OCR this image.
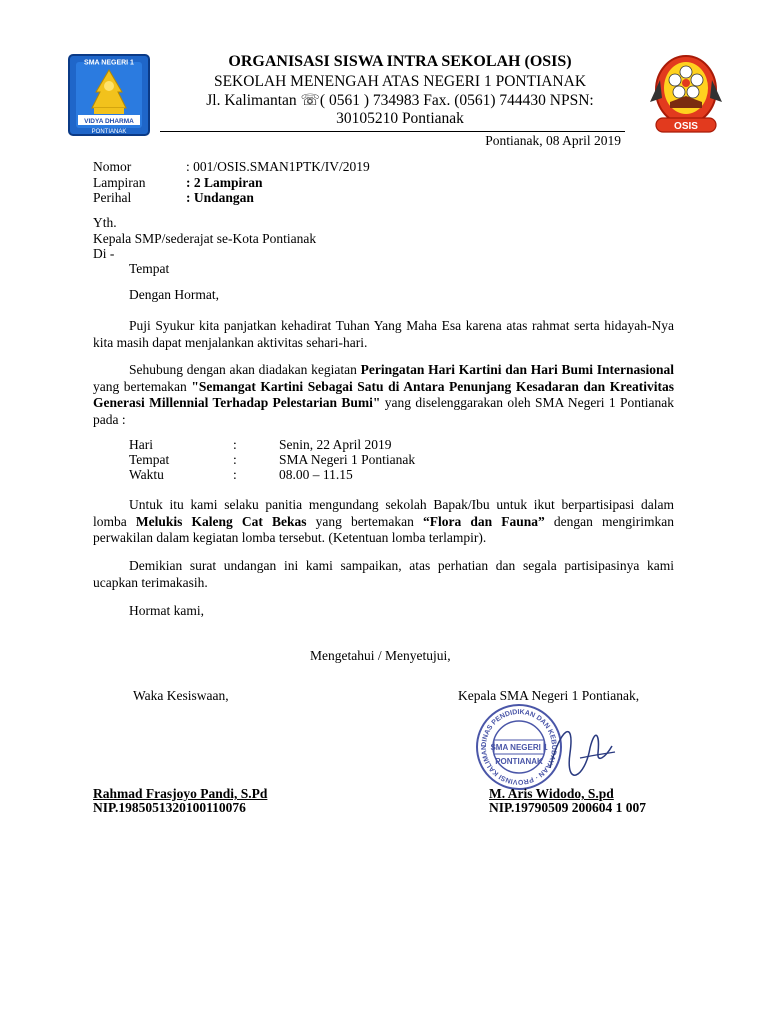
SMA NEGERI 1
VIDYA DHARMA
PONTIANAK	OSIS
ORGANISASI SISWA INTRA SEKOLAH (OSIS)
SEKOLAH MENENGAH ATAS NEGERI 1 PONTIANAK
Jl. Kalimantan ☏( 0561 ) 734983 Fax. (0561) 744430 NPSN:
30105210 Pontianak
Pontianak, 08 April 2019
Nomor	: 001/OSIS.SMAN1PTK/IV/2019
Lampiran	: 2 Lampiran
Perihal	: Undangan
Yth.
Kepala SMP/sederajat se-Kota Pontianak
Di -
Tempat
Dengan Hormat,
Puji Syukur kita panjatkan kehadirat Tuhan Yang Maha Esa karena atas rahmat serta hidayah-Nya kita masih dapat menjalankan aktivitas sehari-hari.
Sehubung dengan akan diadakan kegiatan Peringatan Hari Kartini dan Hari Bumi Internasional yang bertemakan "Semangat Kartini Sebagai Satu di Antara Penunjang Kesadaran dan Kreativitas Generasi Millennial Terhadap Pelestarian Bumi" yang diselenggarakan oleh SMA Negeri 1 Pontianak pada :
Hari	:	Senin, 22 April 2019
Tempat	:	SMA Negeri 1 Pontianak
Waktu	:	08.00 – 11.15
Untuk itu kami selaku panitia mengundang sekolah Bapak/Ibu untuk ikut berpartisipasi dalam lomba Melukis Kaleng Cat Bekas yang bertemakan “Flora dan Fauna” dengan mengirimkan perwakilan dalam kegiatan lomba tersebut. (Ketentuan lomba terlampir).
Demikian surat undangan ini kami sampaikan, atas perhatian dan segala partisipasinya kami ucapkan terimakasih.
Hormat kami,
Mengetahui / Menyetujui,
Waka Kesiswaan,	Kepala SMA Negeri 1 Pontianak,
DINAS PENDIDIKAN DAN KEBUDAYAAN · PROVINSI KALIMAN SMA NEGERI 1
PONTIANAK
Rahmad Frasjoyo Pandi, S.Pd
NIP.198505132010011007​6
M. Aris Widodo, S.pd
NIP.19790509 200604 1 007
